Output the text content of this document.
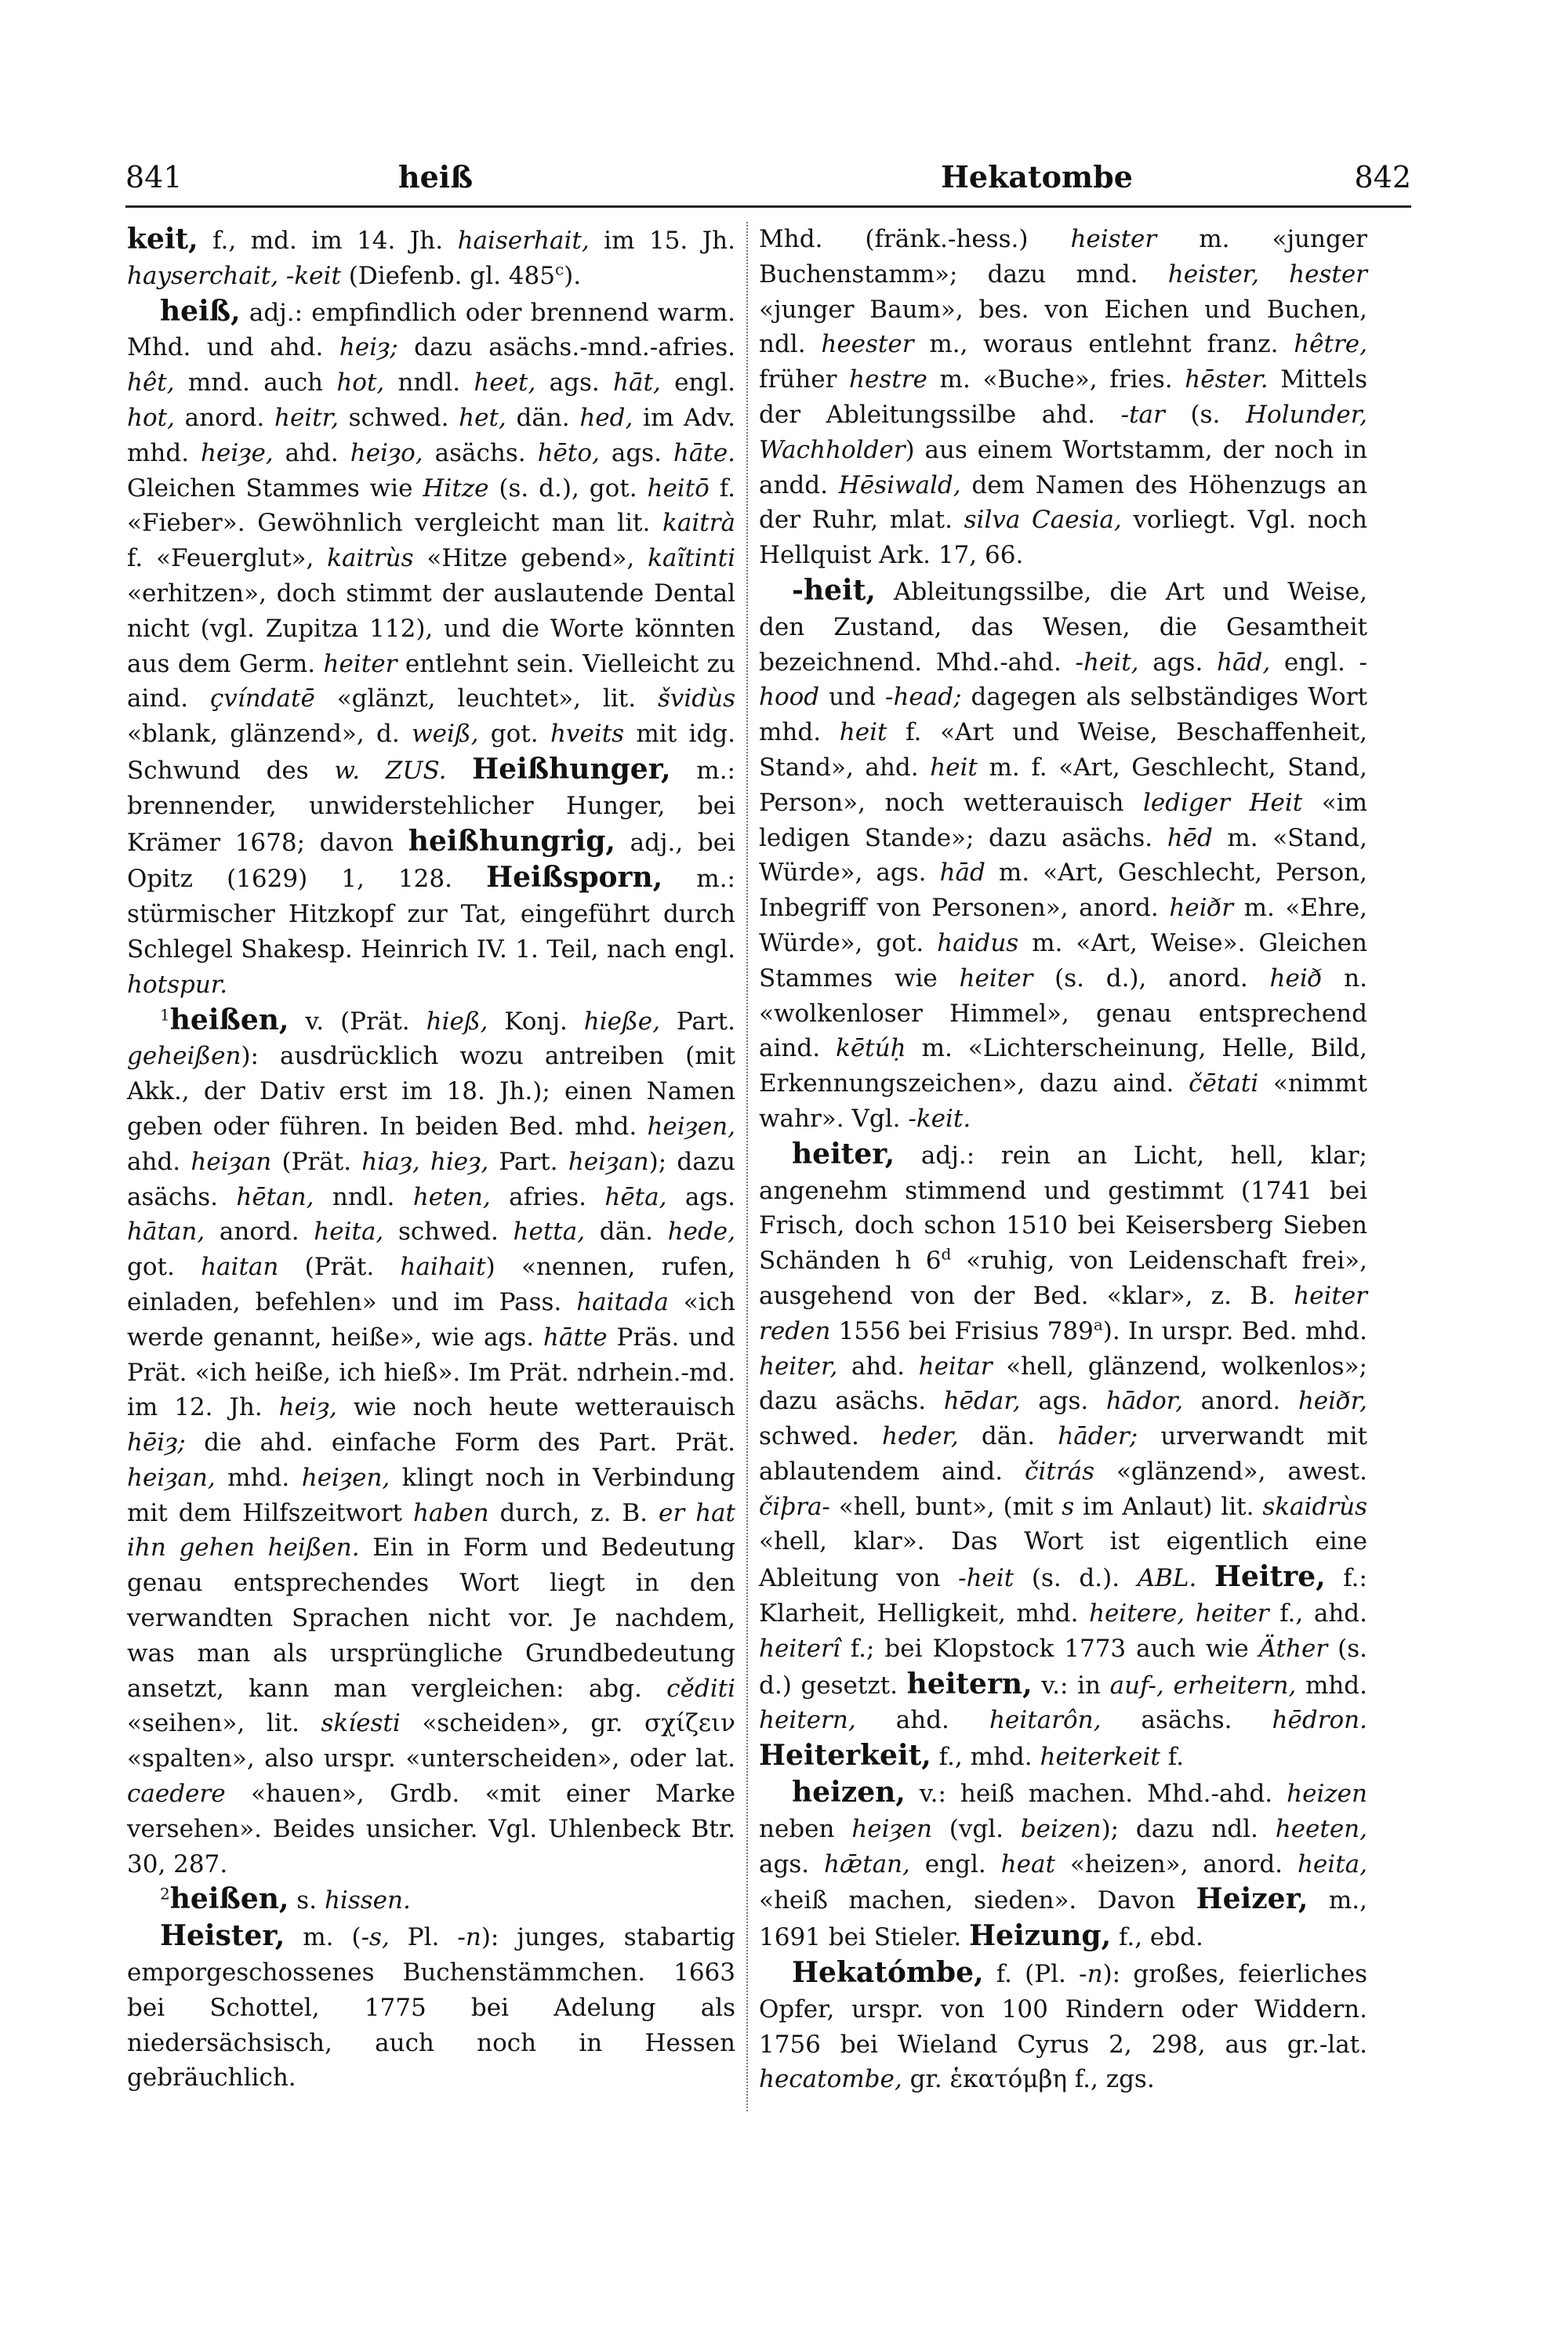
841	heiß	Hekatombe	842

keit, f., md. im 14. Jh. haiserhait, im 15. Jh. hayserchait, -keit (Diefenb. gl. 485$^c$).

heiß, adj.: empfindlich oder brennend warm. Mhd. und ahd. heiȝ; dazu asächs.-mnd.-afries. hêt, mnd. auch hot, nndl. heet, ags. hāt, engl. hot, anord. heitr, schwed. het, dän. hed, im Adv. mhd. heiȝe, ahd. heiȝo, asächs. hēto, ags. hāte. Gleichen Stammes wie Hitze (s. d.), got. heitō f. «Fieber». Gewöhnlich vergleicht man lit. kaitrà f. «Feuerglut», kaitrùs «Hitze gebend», kaĩtinti «erhitzen», doch stimmt der auslautende Dental nicht (vgl. Zupitza 112), und die Worte könnten aus dem Germ. heiter entlehnt sein. Vielleicht zu aind. çvíndatē «glänzt, leuchtet», lit. švidùs «blank, glänzend», d. weiß, got. hveits mit idg. Schwund des w. ZUS. Heißhunger, m.: brennender, unwiderstehlicher Hunger, bei Krämer 1678; davon heißhungrig, adj., bei Opitz (1629) 1, 128. Heißsporn, m.: stürmischer Hitzkopf zur Tat, eingeführt durch Schlegel Shakesp. Heinrich IV. 1. Teil, nach engl. hotspur.

$^1$heißen, v. (Prät. hieß, Konj. hieße, Part. geheißen): ausdrücklich wozu antreiben (mit Akk., der Dativ erst im 18. Jh.); einen Namen geben oder führen. In beiden Bed. mhd. heiȝen, ahd. heiȝan (Prät. hiaȝ, hieȝ, Part. heiȝan); dazu asächs. hētan, nndl. heten, afries. hēta, ags. hātan, anord. heita, schwed. hetta, dän. hede, got. haitan (Prät. haihait) «nennen, rufen, einladen, befehlen» und im Pass. haitada «ich werde genannt, heiße», wie ags. hātte Präs. und Prät. «ich heiße, ich hieß». Im Prät. ndrhein.-md. im 12. Jh. heiȝ, wie noch heute wetterauisch hēiȝ; die ahd. einfache Form des Part. Prät. heiȝan, mhd. heiȝen, klingt noch in Verbindung mit dem Hilfszeitwort haben durch, z. B. er hat ihn gehen heißen. Ein in Form und Bedeutung genau entsprechendes Wort liegt in den verwandten Sprachen nicht vor. Je nachdem, was man als ursprüngliche Grundbedeutung ansetzt, kann man vergleichen: abg. cěditi «seihen», lit. skíesti «scheiden», gr. σχίζειν «spalten», also urspr. «unterscheiden», oder lat. caedere «hauen», Grdb. «mit einer Marke versehen». Beides unsicher. Vgl. Uhlenbeck Btr. 30, 287.

$^2$heißen, s. hissen.

Heister, m. (-s, Pl. -n): junges, stabartig emporgeschossenes Buchenstämmchen. 1663 bei Schottel, 1775 bei Adelung als niedersächsisch, auch noch in Hessen gebräuchlich.

Mhd. (fränk.-hess.) heister m. «junger Buchenstamm»; dazu mnd. heister, hester «junger Baum», bes. von Eichen und Buchen, ndl. heester m., woraus entlehnt franz. hêtre, früher hestre m. «Buche», fries. hēster. Mittels der Ableitungssilbe ahd. -tar (s. Holunder, Wachholder) aus einem Wortstamm, der noch in andd. Hēsiwald, dem Namen des Höhenzugs an der Ruhr, mlat. silva Caesia, vorliegt. Vgl. noch Hellquist Ark. 17, 66.

-heit, Ableitungssilbe, die Art und Weise, den Zustand, das Wesen, die Gesamtheit bezeichnend. Mhd.-ahd. -heit, ags. hād, engl. -hood und -head; dagegen als selbständiges Wort mhd. heit f. «Art und Weise, Beschaffenheit, Stand», ahd. heit m. f. «Art, Geschlecht, Stand, Person», noch wetterauisch lediger Heit «im ledigen Stande»; dazu asächs. hēd m. «Stand, Würde», ags. hād m. «Art, Geschlecht, Person, Inbegriff von Personen», anord. heiðr m. «Ehre, Würde», got. haidus m. «Art, Weise». Gleichen Stammes wie heiter (s. d.), anord. heið n. «wolkenloser Himmel», genau entsprechend aind. kētúḥ m. «Lichterscheinung, Helle, Bild, Erkennungszeichen», dazu aind. čētati «nimmt wahr». Vgl. -keit.

heiter, adj.: rein an Licht, hell, klar; angenehm stimmend und gestimmt (1741 bei Frisch, doch schon 1510 bei Keisersberg Sieben Schänden h 6$^d$ «ruhig, von Leidenschaft frei», ausgehend von der Bed. «klar», z. B. heiter reden 1556 bei Frisius 789$^a$). In urspr. Bed. mhd. heiter, ahd. heitar «hell, glänzend, wolkenlos»; dazu asächs. hēdar, ags. hādor, anord. heiðr, schwed. heder, dän. hāder; urverwandt mit ablautendem aind. čitrás «glänzend», awest. čiþra- «hell, bunt», (mit s im Anlaut) lit. skaidrùs «hell, klar». Das Wort ist eigentlich eine Ableitung von -heit (s. d.). ABL. Heitre, f.: Klarheit, Helligkeit, mhd. heitere, heiter f., ahd. heiterî f.; bei Klopstock 1773 auch wie Äther (s. d.) gesetzt. heitern, v.: in auf-, erheitern, mhd. heitern, ahd. heitarôn, asächs. hēdron. Heiterkeit, f., mhd. heiterkeit f.

heizen, v.: heiß machen. Mhd.-ahd. heizen neben heiȝen (vgl. beizen); dazu ndl. heeten, ags. hǣtan, engl. heat «heizen», anord. heita, «heiß machen, sieden». Davon Heizer, m., 1691 bei Stieler. Heizung, f., ebd.

Hekatómbe, f. (Pl. -n): großes, feierliches Opfer, urspr. von 100 Rindern oder Widdern. 1756 bei Wieland Cyrus 2, 298, aus gr.-lat. hecatombe, gr. ἑκατόμβη f., zgs.
